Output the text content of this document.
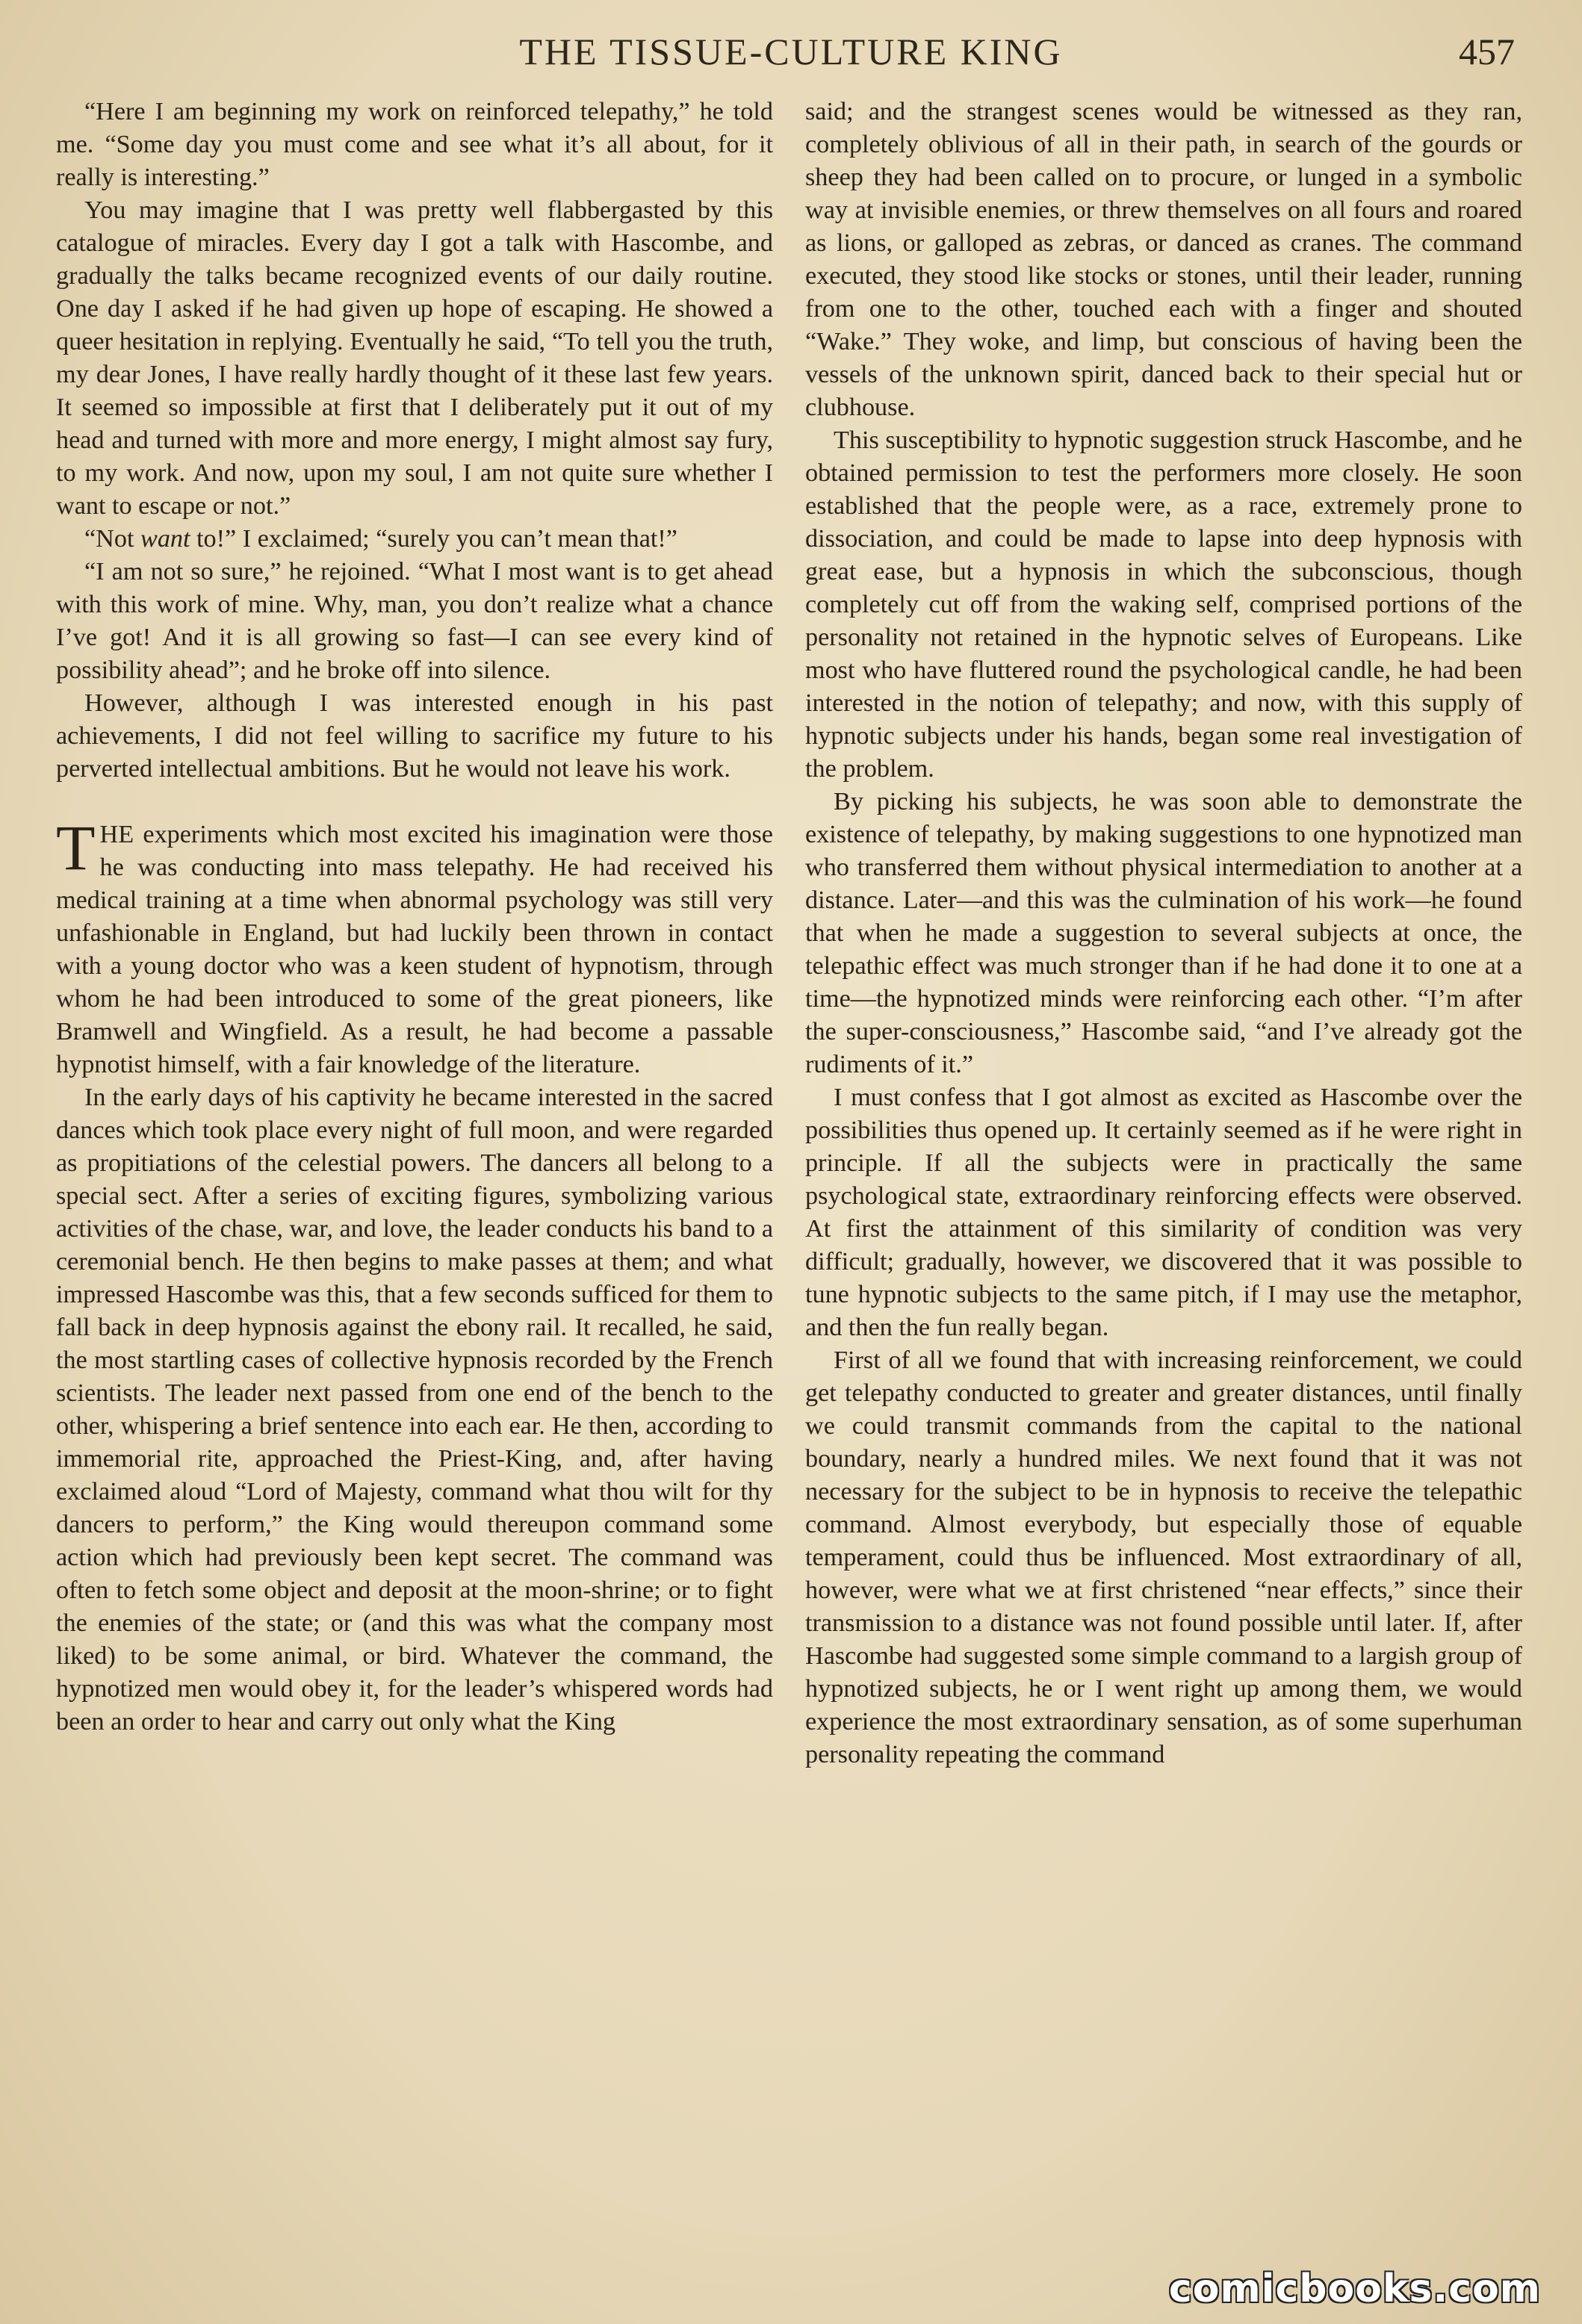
THE TISSUE-CULTURE KING	457

“Here I am beginning my work on reinforced telepathy,” he told me. “Some day you must come and see what it’s all about, for it really is interesting.”

You may imagine that I was pretty well flabbergasted by this catalogue of miracles. Every day I got a talk with Hascombe, and gradually the talks became recognized events of our daily routine. One day I asked if he had given up hope of escaping. He showed a queer hesitation in replying. Eventually he said, “To tell you the truth, my dear Jones, I have really hardly thought of it these last few years. It seemed so impossible at first that I deliberately put it out of my head and turned with more and more energy, I might almost say fury, to my work. And now, upon my soul, I am not quite sure whether I want to escape or not.”

“Not want to!” I exclaimed; “surely you can’t mean that!”

“I am not so sure,” he rejoined. “What I most want is to get ahead with this work of mine. Why, man, you don’t realize what a chance I’ve got! And it is all growing so fast—I can see every kind of possibility ahead”; and he broke off into silence.

However, although I was interested enough in his past achievements, I did not feel willing to sacrifice my future to his perverted intellectual ambitions. But he would not leave his work.

THE experiments which most excited his imagination were those he was conducting into mass telepathy. He had received his medical training at a time when abnormal psychology was still very unfashionable in England, but had luckily been thrown in contact with a young doctor who was a keen student of hypnotism, through whom he had been introduced to some of the great pioneers, like Bramwell and Wingfield. As a result, he had become a passable hypnotist himself, with a fair knowledge of the literature.

In the early days of his captivity he became interested in the sacred dances which took place every night of full moon, and were regarded as propitiations of the celestial powers. The dancers all belong to a special sect. After a series of exciting figures, symbolizing various activities of the chase, war, and love, the leader conducts his band to a ceremonial bench. He then begins to make passes at them; and what impressed Hascombe was this, that a few seconds sufficed for them to fall back in deep hypnosis against the ebony rail. It recalled, he said, the most startling cases of collective hypnosis recorded by the French scientists. The leader next passed from one end of the bench to the other, whispering a brief sentence into each ear. He then, according to immemorial rite, approached the Priest-King, and, after having exclaimed aloud “Lord of Majesty, command what thou wilt for thy dancers to perform,” the King would thereupon command some action which had previously been kept secret. The command was often to fetch some object and deposit at the moon-shrine; or to fight the enemies of the state; or (and this was what the company most liked) to be some animal, or bird. Whatever the command, the hypnotized men would obey it, for the leader’s whispered words had been an order to hear and carry out only what the King

said; and the strangest scenes would be witnessed as they ran, completely oblivious of all in their path, in search of the gourds or sheep they had been called on to procure, or lunged in a symbolic way at invisible enemies, or threw themselves on all fours and roared as lions, or galloped as zebras, or danced as cranes. The command executed, they stood like stocks or stones, until their leader, running from one to the other, touched each with a finger and shouted “Wake.” They woke, and limp, but conscious of having been the vessels of the unknown spirit, danced back to their special hut or clubhouse.

This susceptibility to hypnotic suggestion struck Hascombe, and he obtained permission to test the performers more closely. He soon established that the people were, as a race, extremely prone to dissociation, and could be made to lapse into deep hypnosis with great ease, but a hypnosis in which the subconscious, though completely cut off from the waking self, comprised portions of the personality not retained in the hypnotic selves of Europeans. Like most who have fluttered round the psychological candle, he had been interested in the notion of telepathy; and now, with this supply of hypnotic subjects under his hands, began some real investigation of the problem.

By picking his subjects, he was soon able to demonstrate the existence of telepathy, by making suggestions to one hypnotized man who transferred them without physical intermediation to another at a distance. Later—and this was the culmination of his work—he found that when he made a suggestion to several subjects at once, the telepathic effect was much stronger than if he had done it to one at a time—the hypnotized minds were reinforcing each other. “I’m after the super-consciousness,” Hascombe said, “and I’ve already got the rudiments of it.”

I must confess that I got almost as excited as Hascombe over the possibilities thus opened up. It certainly seemed as if he were right in principle. If all the subjects were in practically the same psychological state, extraordinary reinforcing effects were observed. At first the attainment of this similarity of condition was very difficult; gradually, however, we discovered that it was possible to tune hypnotic subjects to the same pitch, if I may use the metaphor, and then the fun really began.

First of all we found that with increasing reinforcement, we could get telepathy conducted to greater and greater distances, until finally we could transmit commands from the capital to the national boundary, nearly a hundred miles. We next found that it was not necessary for the subject to be in hypnosis to receive the telepathic command. Almost everybody, but especially those of equable temperament, could thus be influenced. Most extraordinary of all, however, were what we at first christened “near effects,” since their transmission to a distance was not found possible until later. If, after Hascombe had suggested some simple command to a largish group of hypnotized subjects, he or I went right up among them, we would experience the most extraordinary sensation, as of some superhuman personality repeating the command

comicbooks.com
